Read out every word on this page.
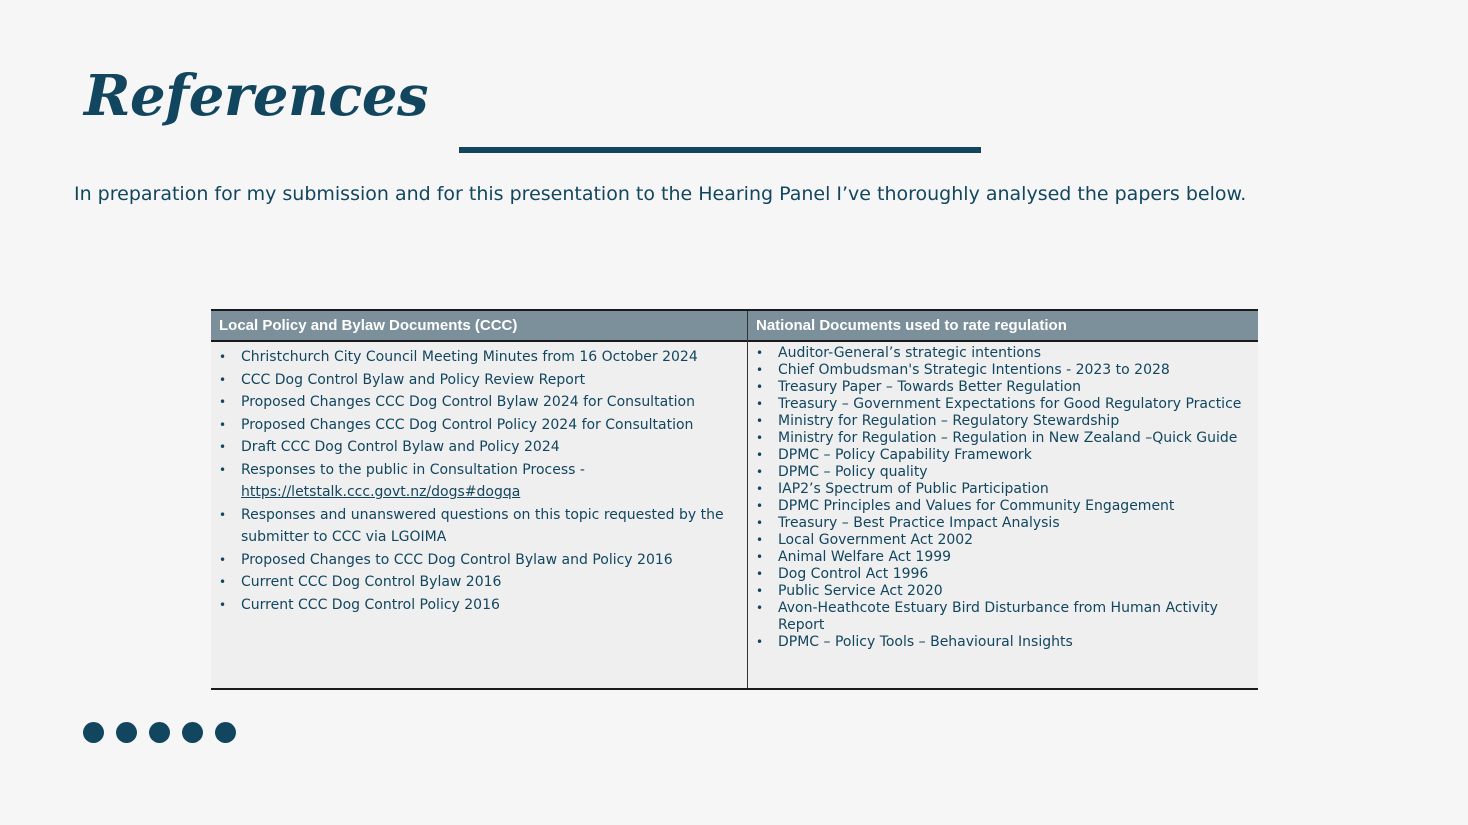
References

In preparation for my submission and for this presentation to the Hearing Panel I’ve thoroughly analysed the papers below.

Local Policy and Bylaw Documents (CCC)	National Documents used to rate regulation
• Christchurch City Council Meeting Minutes from 16 October 2024
• CCC Dog Control Bylaw and Policy Review Report
• Proposed Changes CCC Dog Control Bylaw 2024 for Consultation
• Proposed Changes CCC Dog Control Policy 2024 for Consultation
• Draft CCC Dog Control Bylaw and Policy 2024
• Responses to the public in Consultation Process -
https://letstalk.ccc.govt.nz/dogs#dogqa
• Responses and unanswered questions on this topic requested by the submitter to CCC via LGOIMA
• Proposed Changes to CCC Dog Control Bylaw and Policy 2016
• Current CCC Dog Control Bylaw 2016
• Current CCC Dog Control Policy 2016
• Auditor-General’s strategic intentions
• Chief Ombudsman's Strategic Intentions - 2023 to 2028
• Treasury Paper – Towards Better Regulation
• Treasury – Government Expectations for Good Regulatory Practice
• Ministry for Regulation – Regulatory Stewardship
• Ministry for Regulation – Regulation in New Zealand –Quick Guide
• DPMC – Policy Capability Framework
• DPMC – Policy quality
• IAP2’s Spectrum of Public Participation
• DPMC Principles and Values for Community Engagement
• Treasury – Best Practice Impact Analysis
• Local Government Act 2002
• Animal Welfare Act 1999
• Dog Control Act 1996
• Public Service Act 2020
• Avon-Heathcote Estuary Bird Disturbance from Human Activity Report
• DPMC – Policy Tools – Behavioural Insights
